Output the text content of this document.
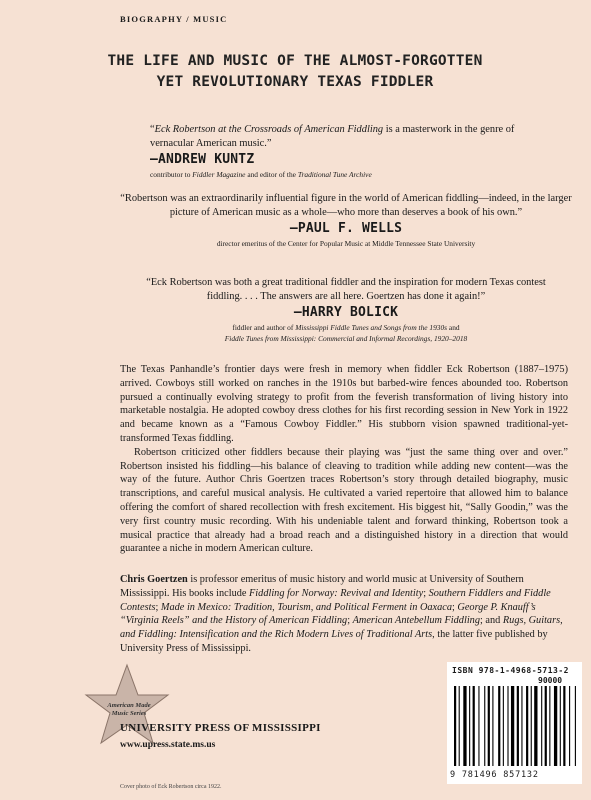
BIOGRAPHY / MUSIC
THE LIFE AND MUSIC OF THE ALMOST-FORGOTTEN
YET REVOLUTIONARY TEXAS FIDDLER

“Eck Robertson at the Crossroads of American Fiddling is a masterwork in the genre of vernacular American music.”

—ANDREW KUNTZ
contributor to Fiddler Magazine and editor of the Traditional Tune Archive

“Robertson was an extraordinarily influential figure in the world of American fiddling—indeed, in the larger picture of American music as a whole—who more than deserves a book of his own.”

—PAUL F. WELLS
director emeritus of the Center for Popular Music at Middle Tennessee State University

“Eck Robertson was both a great traditional fiddler and the inspiration for modern Texas contest fiddling. . . . The answers are all here. Goertzen has done it again!”

—HARRY BOLICK
fiddler and author of Mississippi Fiddle Tunes and Songs from the 1930s and
Fiddle Tunes from Mississippi: Commercial and Informal Recordings, 1920–2018

The Texas Panhandle’s frontier days were fresh in memory when fiddler Eck Robertson (1887–1975) arrived. Cowboys still worked on ranches in the 1910s but barbed-wire fences abounded too. Robertson pursued a continually evolving strategy to profit from the feverish transformation of living history into marketable nostalgia. He adopted cowboy dress clothes for his first recording session in New York in 1922 and became known as a “Famous Cowboy Fiddler.” His stubborn vision spawned traditional-yet-transformed Texas fiddling.

Robertson criticized other fiddlers because their playing was “just the same thing over and over.” Robertson insisted his fiddling—his balance of cleaving to tradition while adding new content—was the way of the future. Author Chris Goertzen traces Robertson’s story through detailed biography, music transcriptions, and careful musical analysis. He cultivated a varied repertoire that allowed him to balance offering the comfort of shared recollection with fresh excitement. His biggest hit, “Sally Goodin,” was the very first country music recording. With his undeniable talent and forward thinking, Robertson took a musical practice that already had a broad reach and a distinguished history in a direction that would guarantee a niche in modern American culture.

Chris Goertzen is professor emeritus of music history and world music at University of Southern Mississippi. His books include Fiddling for Norway: Revival and Identity; Southern Fiddlers and Fiddle Contests; Made in Mexico: Tradition, Tourism, and Political Ferment in Oaxaca; George P. Knauff’s “Virginia Reels” and the History of American Fiddling; American Antebellum Fiddling; and Rugs, Guitars, and Fiddling: Intensification and the Rich Modern Lives of Traditional Arts, the latter five published by University Press of Mississippi.
American Made
Music Series
UNIVERSITY PRESS OF MISSISSIPPI
www.upress.state.ms.us
Cover photo of Eck Robertson circa 1922.
ISBN 978-1-4968-5713-2
90000
9 781496 857132
